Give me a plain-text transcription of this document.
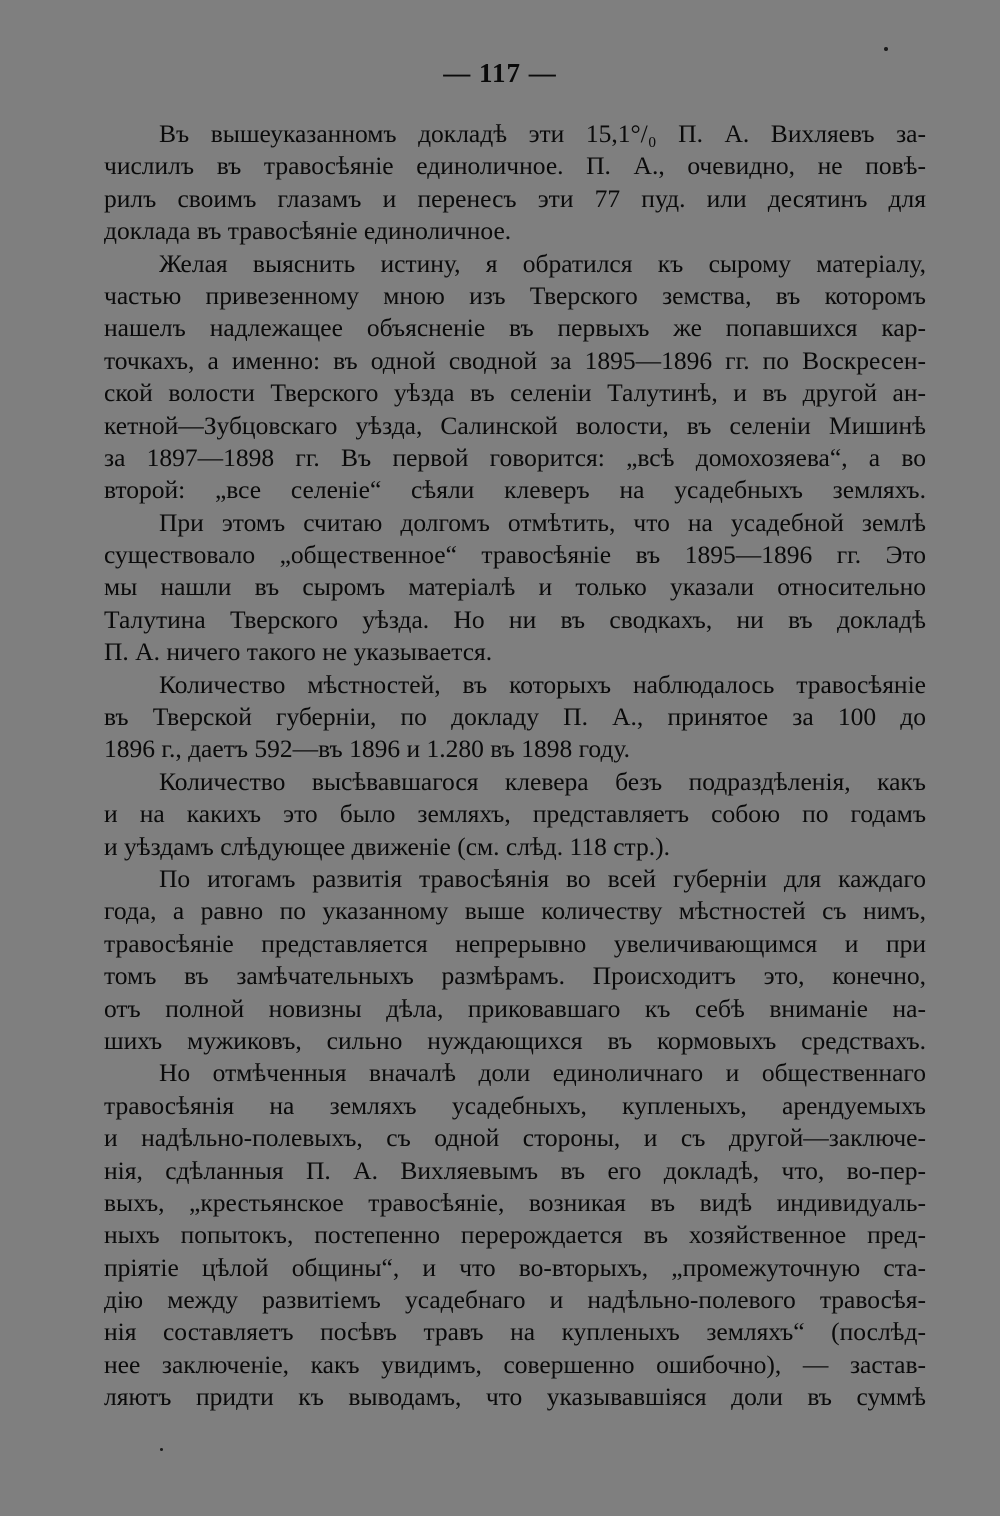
— 117 —
Въ вышеуказанномъ докладѣ эти 15,1°/₀ П. А. Вихляевъ за-
числилъ въ травосѣяніе единоличное. П. А., очевидно, не повѣ-
рилъ своимъ глазамъ и перенесъ эти 77 пуд. или десятинъ для
доклада въ травосѣяніе единоличное.
Желая выяснить истину, я обратился къ сырому матеріалу,
частью привезенному мною изъ Тверского земства, въ которомъ
нашелъ надлежащее объясненіе въ первыхъ же попавшихся кар-
точкахъ, а именно: въ одной сводной за 1895—1896 гг. по Воскресен-
ской волости Тверского уѣзда въ селеніи Талутинѣ, и въ другой ан-
кетной—Зубцовскаго уѣзда, Салинской волости, въ селеніи Мишинѣ
за 1897—1898 гг. Въ первой говорится: „всѣ домохозяева“, а во
второй: „все селеніе“ сѣяли клеверъ на усадебныхъ земляхъ.
При этомъ считаю долгомъ отмѣтить, что на усадебной землѣ
существовало „общественное“ травосѣяніе въ 1895—1896 гг. Это
мы нашли въ сыромъ матеріалѣ и только указали относительно
Талутина Тверского уѣзда. Но ни въ сводкахъ, ни въ докладѣ
П. А. ничего такого не указывается.
Количество мѣстностей, въ которыхъ наблюдалось травосѣяніе
въ Тверской губерніи, по докладу П. А., принятое за 100 до
1896 г., даетъ 592—въ 1896 и 1.280 въ 1898 году.
Количество высѣвавшагося клевера безъ подраздѣленія, какъ
и на какихъ это было земляхъ, представляетъ собою по годамъ
и уѣздамъ слѣдующее движеніе (см. слѣд. 118 стр.).
По итогамъ развитія травосѣянія во всей губерніи для каждаго
года, а равно по указанному выше количеству мѣстностей съ нимъ,
травосѣяніе представляется непрерывно увеличивающимся и при
томъ въ замѣчательныхъ размѣрамъ. Происходитъ это, конечно,
отъ полной новизны дѣла, приковавшаго къ себѣ вниманіе на-
шихъ мужиковъ, сильно нуждающихся въ кормовыхъ средствахъ.
Но отмѣченныя вначалѣ доли единоличнаго и общественнаго
травосѣянія на земляхъ усадебныхъ, купленыхъ, арендуемыхъ
и надѣльно-полевыхъ, съ одной стороны, и съ другой—заключе-
нія, сдѣланныя П. А. Вихляевымъ въ его докладѣ, что, во-пер-
выхъ, „крестьянское травосѣяніе, возникая въ видѣ индивидуаль-
ныхъ попытокъ, постепенно перерождается въ хозяйственное пред-
пріятіе цѣлой общины“, и что во-вторыхъ, „промежуточную ста-
дію между развитіемъ усадебнаго и надѣльно-полевого травосѣя-
нія составляетъ посѣвъ травъ на купленыхъ земляхъ“ (послѣд-
нее заключеніе, какъ увидимъ, совершенно ошибочно), — застав-
ляютъ придти къ выводамъ, что указывавшіяся доли въ суммѣ
